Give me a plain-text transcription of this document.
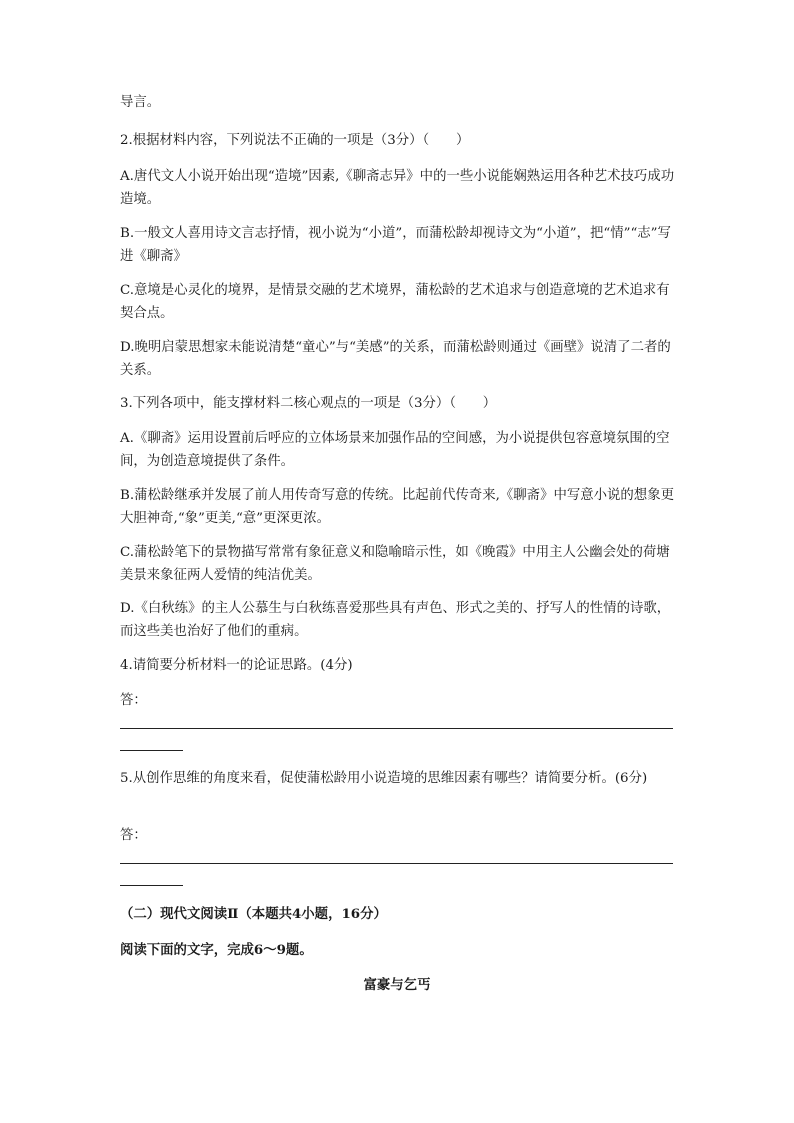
导言。

2.根据材料内容，下列说法不正确的一项是（3分）（　　）

A.唐代文人小说开始出现“造境”因素,《聊斋志异》中的一些小说能娴熟运用各种艺术技巧成功造境。

B.一般文人喜用诗文言志抒情，视小说为“小道”，而蒲松龄却视诗文为“小道”，把“情”“志”写进《聊斋》

C.意境是心灵化的境界，是情景交融的艺术境界，蒲松龄的艺术追求与创造意境的艺术追求有契合点。

D.晚明启蒙思想家未能说清楚“童心”与“美感”的关系，而蒲松龄则通过《画壁》说清了二者的关系。

3.下列各项中，能支撑材料二核心观点的一项是（3分）（　　）

A.《聊斋》运用设置前后呼应的立体场景来加强作品的空间感，为小说提供包容意境氛围的空间，为创造意境提供了条件。

B.蒲松龄继承并发展了前人用传奇写意的传统。比起前代传奇来,《聊斋》中写意小说的想象更大胆神奇,“象”更美,“意”更深更浓。

C.蒲松龄笔下的景物描写常常有象征意义和隐喻暗示性，如《晚霞》中用主人公幽会处的荷塘美景来象征两人爱情的纯洁优美。

D.《白秋练》的主人公慕生与白秋练喜爱那些具有声色、形式之美的、抒写人的性情的诗歌，而这些美也治好了他们的重病。

4.请简要分析材料一的论证思路。(4分)

答：

5.从创作思维的角度来看，促使蒲松龄用小说造境的思维因素有哪些？请简要分析。(6分)

答：

（二）现代文阅读Ⅱ（本题共4小题，16分）

阅读下面的文字，完成6～9题。

富豪与乞丐
